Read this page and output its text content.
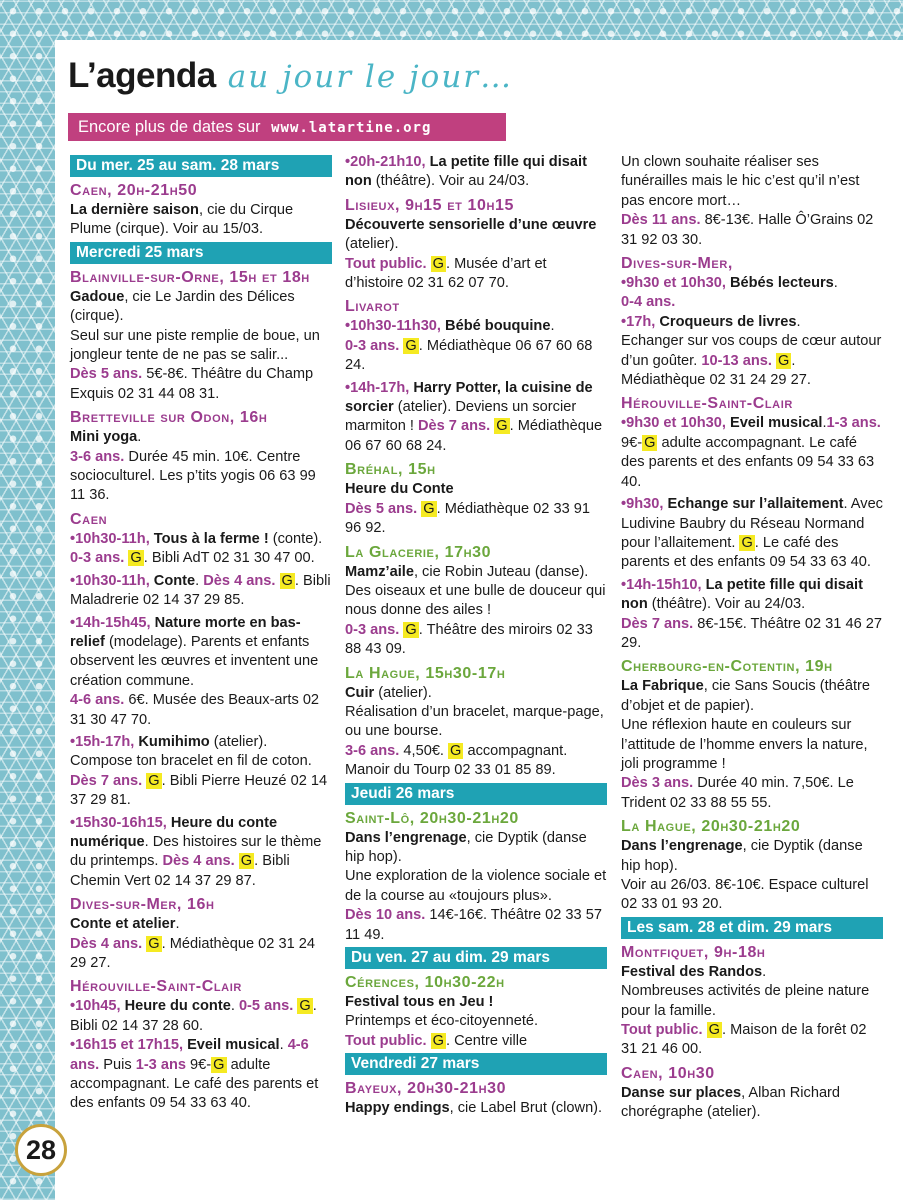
L’agenda au jour le jour…
Encore plus de dates sur www.latartine.org
Du mer. 25 au sam. 28 mars
Caen, 20h-21h50

La dernière saison, cie du Cirque Plume (cirque). Voir au 15/03.

Mercredi 25 mars
Blainville-sur-Orne, 15h et 18h

Gadoue, cie Le Jardin des Délices (cirque).

Seul sur une piste remplie de boue, un jongleur tente de ne pas se salir...

Dès 5 ans. 5€-8€. Théâtre du Champ Exquis 02 31 44 08 31.

Bretteville sur Odon, 16h

Mini yoga.

3-6 ans. Durée 45 min. 10€. Centre socioculturel. Les p’tits yogis 06 63 99 11 36.

Caen

•10h30-11h, Tous à la ferme ! (conte). 0-3 ans. G . Bibli AdT 02 31 30 47 00.

•10h30-11h, Conte. Dès 4 ans. G . Bibli Maladrerie 02 14 37 29 85.

•14h-15h45, Nature morte en bas-relief (modelage). Parents et enfants observent les œuvres et inventent une création commune.

4-6 ans. 6€. Musée des Beaux-arts 02 31 30 47 70.

•15h-17h, Kumihimo (atelier). Compose ton bracelet en fil de coton. Dès 7 ans. G . Bibli Pierre Heuzé 02 14 37 29 81.

•15h30-16h15, Heure du conte numérique. Des histoires sur le thème du printemps. Dès 4 ans. G . Bibli Chemin Vert 02 14 37 29 87.

Dives-sur-Mer, 16h

Conte et atelier.

Dès 4 ans. G . Médiathèque 02 31 24 29 27.

Hérouville-Saint-Clair

•10h45, Heure du conte. 0-5 ans. G . Bibli 02 14 37 28 60.

•16h15 et 17h15, Eveil musical. 4-6 ans. Puis 1-3 ans 9€- G adulte accompagnant. Le café des parents et des enfants 09 54 33 63 40.

•20h-21h10, La petite fille qui disait non (théâtre). Voir au 24/03.

Lisieux, 9h15 et 10h15

Découverte sensorielle d’une œuvre (atelier).

Tout public. G . Musée d’art et d’histoire 02 31 62 07 70.

Livarot

•10h30-11h30, Bébé bouquine.

0-3 ans. G . Médiathèque 06 67 60 68 24.

•14h-17h, Harry Potter, la cuisine de sorcier (atelier). Deviens un sorcier marmiton ! Dès 7 ans. G . Médiathèque 06 67 60 68 24.

Bréhal, 15h

Heure du Conte

Dès 5 ans. G . Médiathèque 02 33 91 96 92.

La Glacerie, 17h30

Mamz’aile, cie Robin Juteau (danse). Des oiseaux et une bulle de douceur qui nous donne des ailes !

0-3 ans. G . Théâtre des miroirs 02 33 88 43 09.

La Hague, 15h30-17h

Cuir (atelier).

Réalisation d’un bracelet, marque-page, ou une bourse.

3-6 ans. 4,50€. G accompagnant. Manoir du Tourp 02 33 01 85 89.

Jeudi 26 mars
Saint-Lô, 20h30-21h20

Dans l’engrenage, cie Dyptik (danse hip hop).

Une exploration de la violence sociale et de la course au «toujours plus».

Dès 10 ans. 14€-16€. Théâtre 02 33 57 11 49.

Du ven. 27 au dim. 29 mars
Cérences, 10h30-22h

Festival tous en Jeu !

Printemps et éco-citoyenneté.

Tout public. G . Centre ville

Vendredi 27 mars
Bayeux, 20h30-21h30

Happy endings, cie Label Brut (clown).

Un clown souhaite réaliser ses funérailles mais le hic c’est qu’il n’est pas encore mort…

Dès 11 ans. 8€-13€. Halle Ô’Grains 02 31 92 03 30.

Dives-sur-Mer,

•9h30 et 10h30, Bébés lecteurs.

0-4 ans.

•17h, Croqueurs de livres.

Echanger sur vos coups de cœur autour d’un goûter. 10-13 ans. G . Médiathèque 02 31 24 29 27.

Hérouville-Saint-Clair

•9h30 et 10h30, Eveil musical.1-3 ans. 9€- G adulte accompagnant. Le café des parents et des enfants 09 54 33 63 40.

•9h30, Echange sur l’allaitement. Avec Ludivine Baubry du Réseau Normand pour l’allaitement. G . Le café des parents et des enfants 09 54 33 63 40.

•14h-15h10, La petite fille qui disait non (théâtre). Voir au 24/03.

Dès 7 ans. 8€-15€. Théâtre 02 31 46 27 29.

Cherbourg-en-Cotentin, 19h

La Fabrique, cie Sans Soucis (théâtre d’objet et de papier).

Une réflexion haute en couleurs sur l’attitude de l’homme envers la nature, joli programme !

Dès 3 ans. Durée 40 min. 7,50€. Le Trident 02 33 88 55 55.

La Hague, 20h30-21h20

Dans l’engrenage, cie Dyptik (danse hip hop).

Voir au 26/03. 8€-10€. Espace culturel 02 33 01 93 20.

Les sam. 28 et dim. 29 mars
Montfiquet, 9h-18h

Festival des Randos.

Nombreuses activités de pleine nature pour la famille.

Tout public. G . Maison de la forêt 02 31 21 46 00.

Caen, 10h30

Danse sur places, Alban Richard chorégraphe (atelier).

28
